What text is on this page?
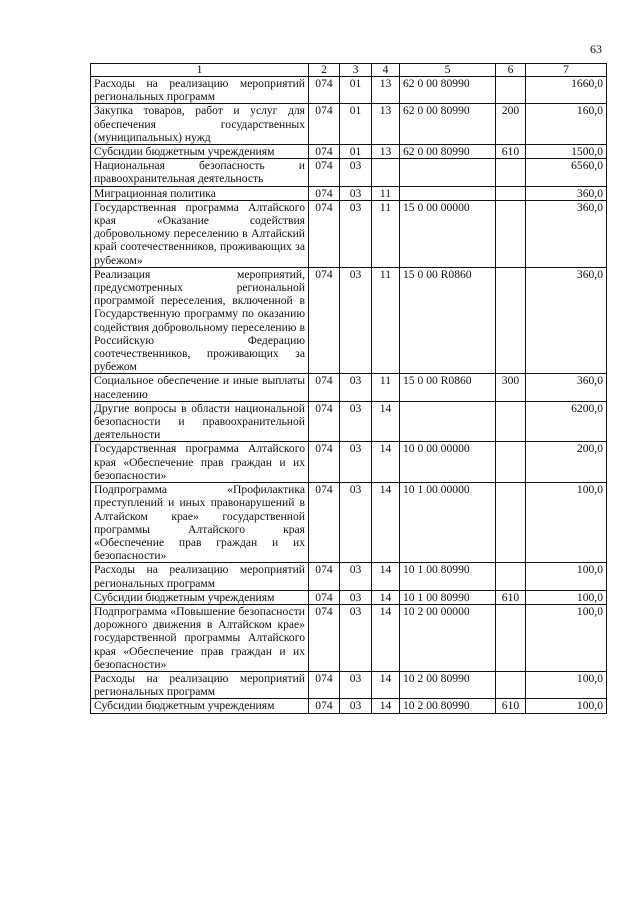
63
1	2	3	4	5	6	7
Расходы на реализацию мероприятий региональных программ	074	01	13	62 0 00 80990		1660,0
Закупка товаров, работ и услуг для обеспечения государственных (муниципальных) нужд	074	01	13	62 0 00 80990	200	160,0
Субсидии бюджетным учреждениям	074	01	13	62 0 00 80990	610	1500,0
Национальная безопасность и правоохранительная деятельность	074	03				6560,0
Миграционная политика	074	03	11			360,0
Государственная программа Алтайского края «Оказание содействия добровольному переселению в Алтайский край соотечественников, проживающих за рубежом»	074	03	11	15 0 00 00000		360,0
Реализация мероприятий, предусмотренных региональной программой переселения, включенной в Государственную программу по оказанию содействия добровольному переселению в Российскую Федерацию соотечественников, проживающих за рубежом	074	03	11	15 0 00 R0860		360,0
Социальное обеспечение и иные выплаты населению	074	03	11	15 0 00 R0860	300	360,0
Другие вопросы в области национальной безопасности и правоохранительной деятельности	074	03	14			6200,0
Государственная программа Алтайского края «Обеспечение прав граждан и их безопасности»	074	03	14	10 0 00 00000		200,0
Подпрограмма «Профилактика преступлений и иных правонарушений в Алтайском крае» государственной программы Алтайского края «Обеспечение прав граждан и их безопасности»	074	03	14	10 1 00 00000		100,0
Расходы на реализацию мероприятий региональных программ	074	03	14	10 1 00 80990		100,0
Субсидии бюджетным учреждениям	074	03	14	10 1 00 80990	610	100,0
Подпрограмма «Повышение безопасности дорожного движения в Алтайском крае» государственной программы Алтайского края «Обеспечение прав граждан и их безопасности»	074	03	14	10 2 00 00000		100,0
Расходы на реализацию мероприятий региональных программ	074	03	14	10 2 00 80990		100,0
Субсидии бюджетным учреждениям	074	03	14	10 2 00 80990	610	100,0
